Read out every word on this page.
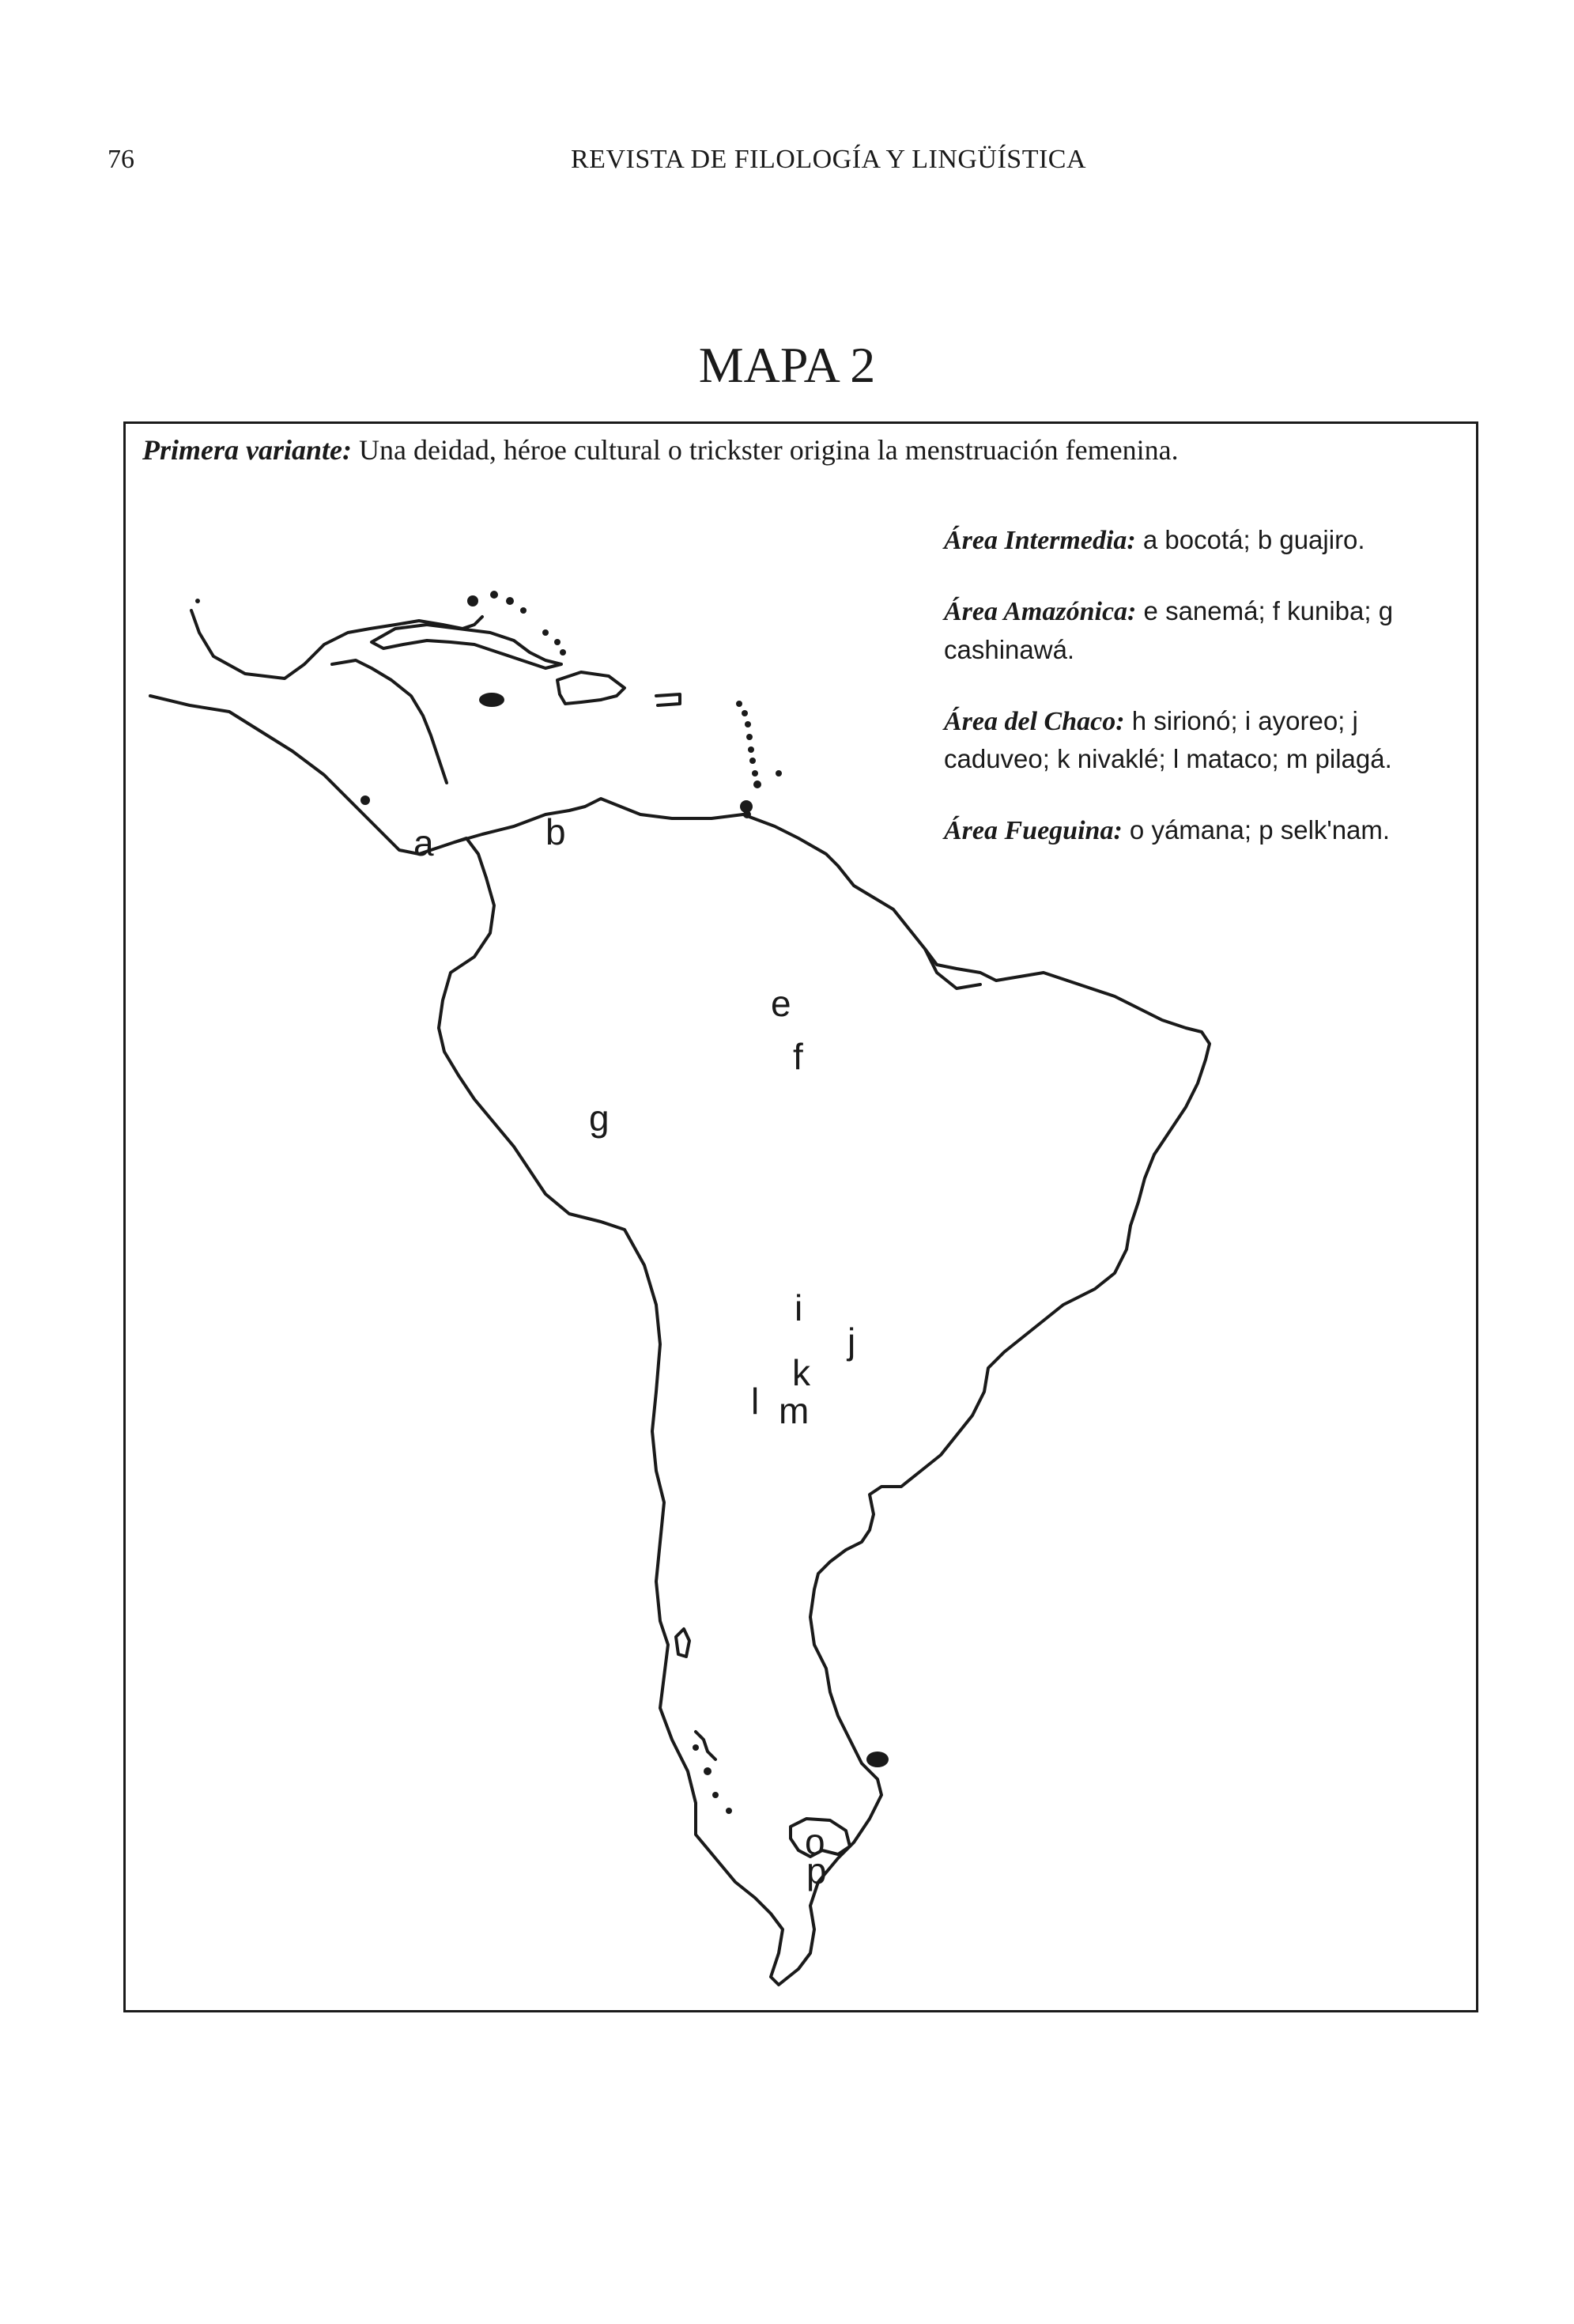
76	REVISTA DE FILOLOGÍA Y LINGÜÍSTICA
MAPA 2
a	b
e
f
g
i
j
k
l m
o
p
Primera variante: Una deidad, héroe cultural o trickster origina la menstruación femenina.
Área Intermedia: a bocotá; b guajiro.
Área Amazónica: e sanemá; f kuniba; g cashinawá.
Área del Chaco: h sirionó; i ayoreo; j caduveo; k nivaklé; l mataco; m pilagá.
Área Fueguina: o yámana; p selk'nam.
